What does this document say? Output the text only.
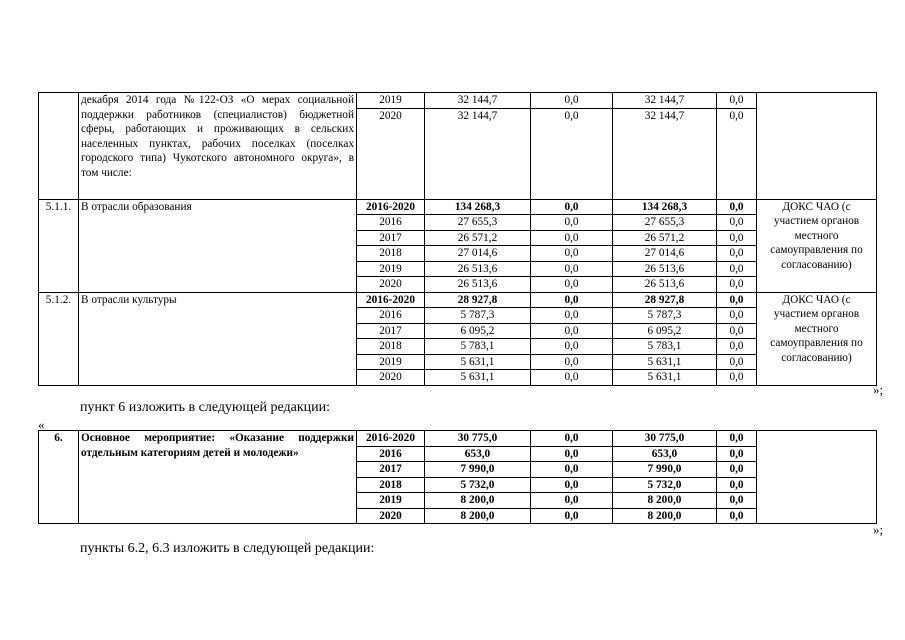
	декабря 2014 года №122-ОЗ «О мерах социальной поддержки работников (специалистов) бюджетной сферы, работающих и проживающих в сельских населенных пунктах, рабочих поселках (поселках городского типа) Чукотского автономного округа», в том числе:	2019	32 144,7	0,0	32 144,7	0,0	
		2020	32 144,7	0,0	32 144,7	0,0	
5.1.1.	В отрасли образования	2016-2020	134 268,3	0,0	134 268,3	0,0	ДОКС ЧАО (с участием органов местного самоуправления по согласованию)
		2016	27 655,3	0,0	27 655,3	0,0	
		2017	26 571,2	0,0	26 571,2	0,0	
		2018	27 014,6	0,0	27 014,6	0,0	
		2019	26 513,6	0,0	26 513,6	0,0	
		2020	26 513,6	0,0	26 513,6	0,0	
5.1.2.	В отрасли культуры	2016-2020	28 927,8	0,0	28 927,8	0,0	ДОКС ЧАО (с участием органов местного самоуправления по согласованию)
		2016	5 787,3	0,0	5 787,3	0,0	
		2017	6 095,2	0,0	6 095,2	0,0	
		2018	5 783,1	0,0	5 783,1	0,0	
		2019	5 631,1	0,0	5 631,1	0,0	
		2020	5 631,1	0,0	5 631,1	0,0	
»;
пункт 6 изложить в следующей редакции:
«
6.	Основное мероприятие: «Оказание поддержки отдельным категориям детей и молодежи»	2016-2020	30 775,0	0,0	30 775,0	0,0	
		2016	653,0	0,0	653,0	0,0	
		2017	7 990,0	0,0	7 990,0	0,0	
		2018	5 732,0	0,0	5 732,0	0,0	
		2019	8 200,0	0,0	8 200,0	0,0	
		2020	8 200,0	0,0	8 200,0	0,0	
»;
пункты 6.2, 6.3 изложить в следующей редакции:
